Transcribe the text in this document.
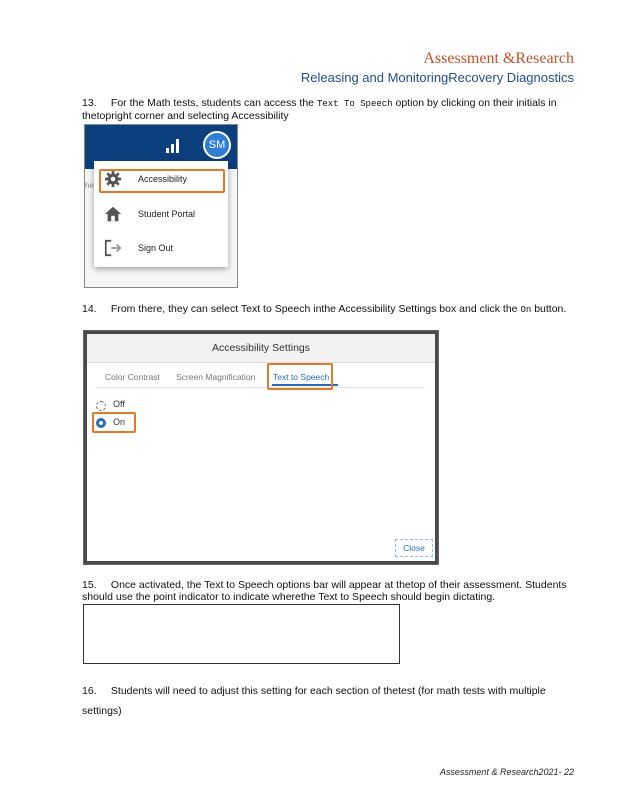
Assessment &Research
Releasing and MonitoringRecovery Diagnostics
13. For the Math tests, students can access the Text To Speech option by clicking on their initials in thetopright corner and selecting Accessibility
SM
he
Accessibility
Student Portal
Sign Out
14. From there, they can select Text to Speech inthe Accessibility Settings box and click the On button.
Accessibility Settings
Color Contrast Screen Magnification Text to Speech
Off
On
Close
15. Once activated, the Text to Speech options bar will appear at thetop of their assessment. Students should use the point indicator to indicate wherethe Text to Speech should begin dictating.
16. Students will need to adjust this setting for each section of thetest (for math tests with multiple settings)
Assessment & Research2021- 22
